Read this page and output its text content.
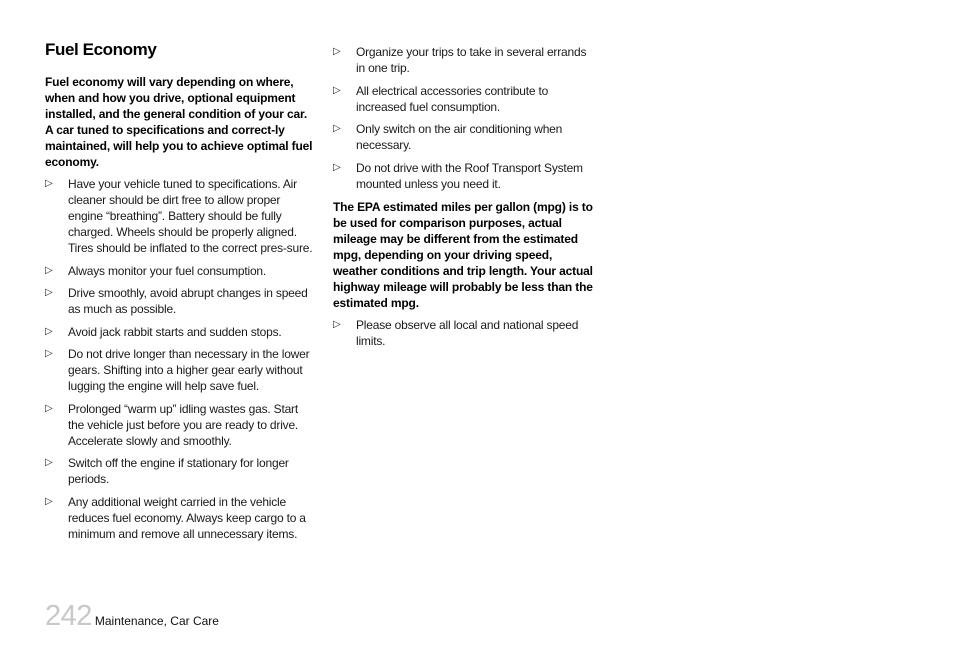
Fuel Economy

Fuel economy will vary depending on where, when and how you drive, optional equipment installed, and the general condition of your car. A car tuned to specifications and correct-ly maintained, will help you to achieve optimal fuel economy.

▷ Have your vehicle tuned to specifications. Air cleaner should be dirt free to allow proper engine “breathing”. Battery should be fully charged. Wheels should be properly aligned. Tires should be inflated to the correct pres-sure.
▷ Always monitor your fuel consumption.
▷ Drive smoothly, avoid abrupt changes in speed as much as possible.
▷ Avoid jack rabbit starts and sudden stops.
▷ Do not drive longer than necessary in the lower gears. Shifting into a higher gear early without lugging the engine will help save fuel.
▷ Prolonged “warm up” idling wastes gas. Start the vehicle just before you are ready to drive. Accelerate slowly and smoothly.
▷ Switch off the engine if stationary for longer periods.
▷ Any additional weight carried in the vehicle reduces fuel economy. Always keep cargo to a minimum and remove all unnecessary items.
▷ Organize your trips to take in several errands in one trip.
▷ All electrical accessories contribute to increased fuel consumption.
▷ Only switch on the air conditioning when necessary.
▷ Do not drive with the Roof Transport System mounted unless you need it.

The EPA estimated miles per gallon (mpg) is to be used for comparison purposes, actual mileage may be different from the estimated mpg, depending on your driving speed, weather conditions and trip length. Your actual highway mileage will probably be less than the estimated mpg.

▷ Please observe all local and national speed limits.
242 Maintenance, Car Care
